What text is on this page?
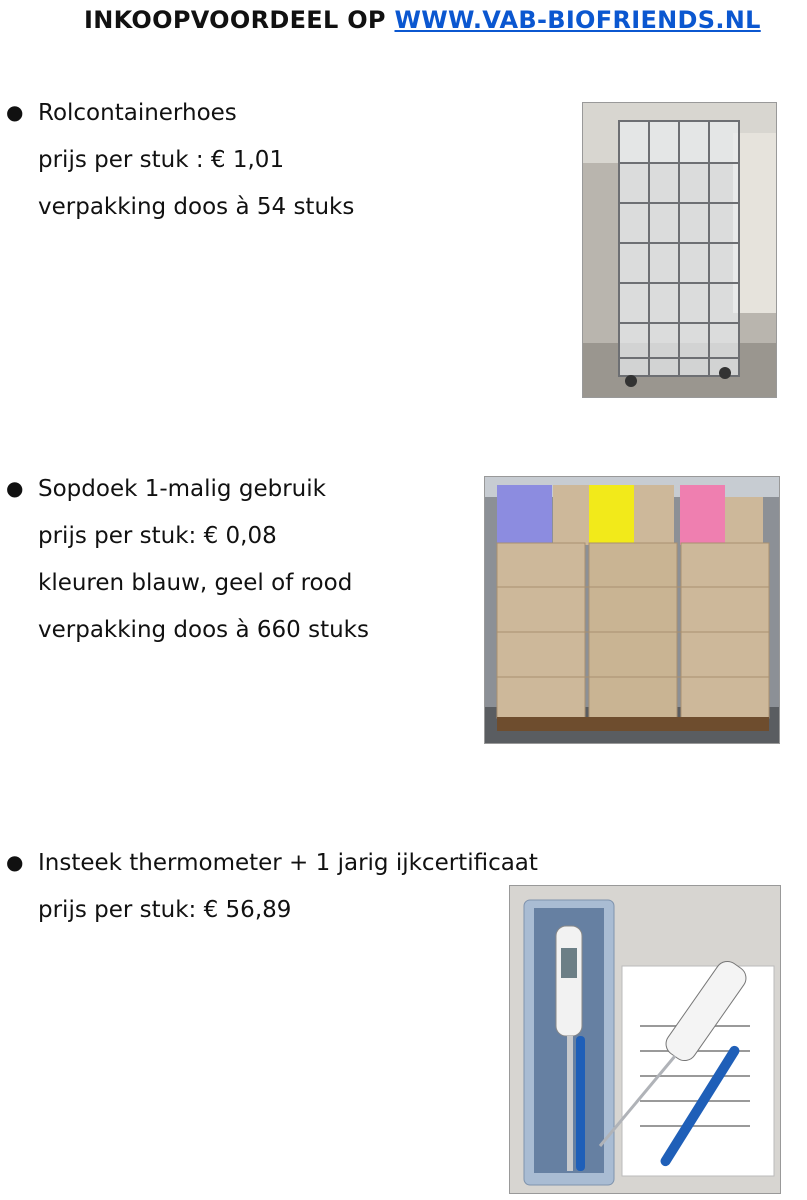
INKOOPVOORDEEL OP WWW.VAB-BIOFRIENDS.NL
● Rolcontainerhoes
prijs per stuk : € 1,01
verpakking doos à 54 stuks
● Sopdoek 1-malig gebruik
prijs per stuk: € 0,08
kleuren blauw, geel of rood
verpakking doos à 660 stuks
● Insteek thermometer + 1 jarig ijkcertificaat
prijs per stuk: € 56,89
